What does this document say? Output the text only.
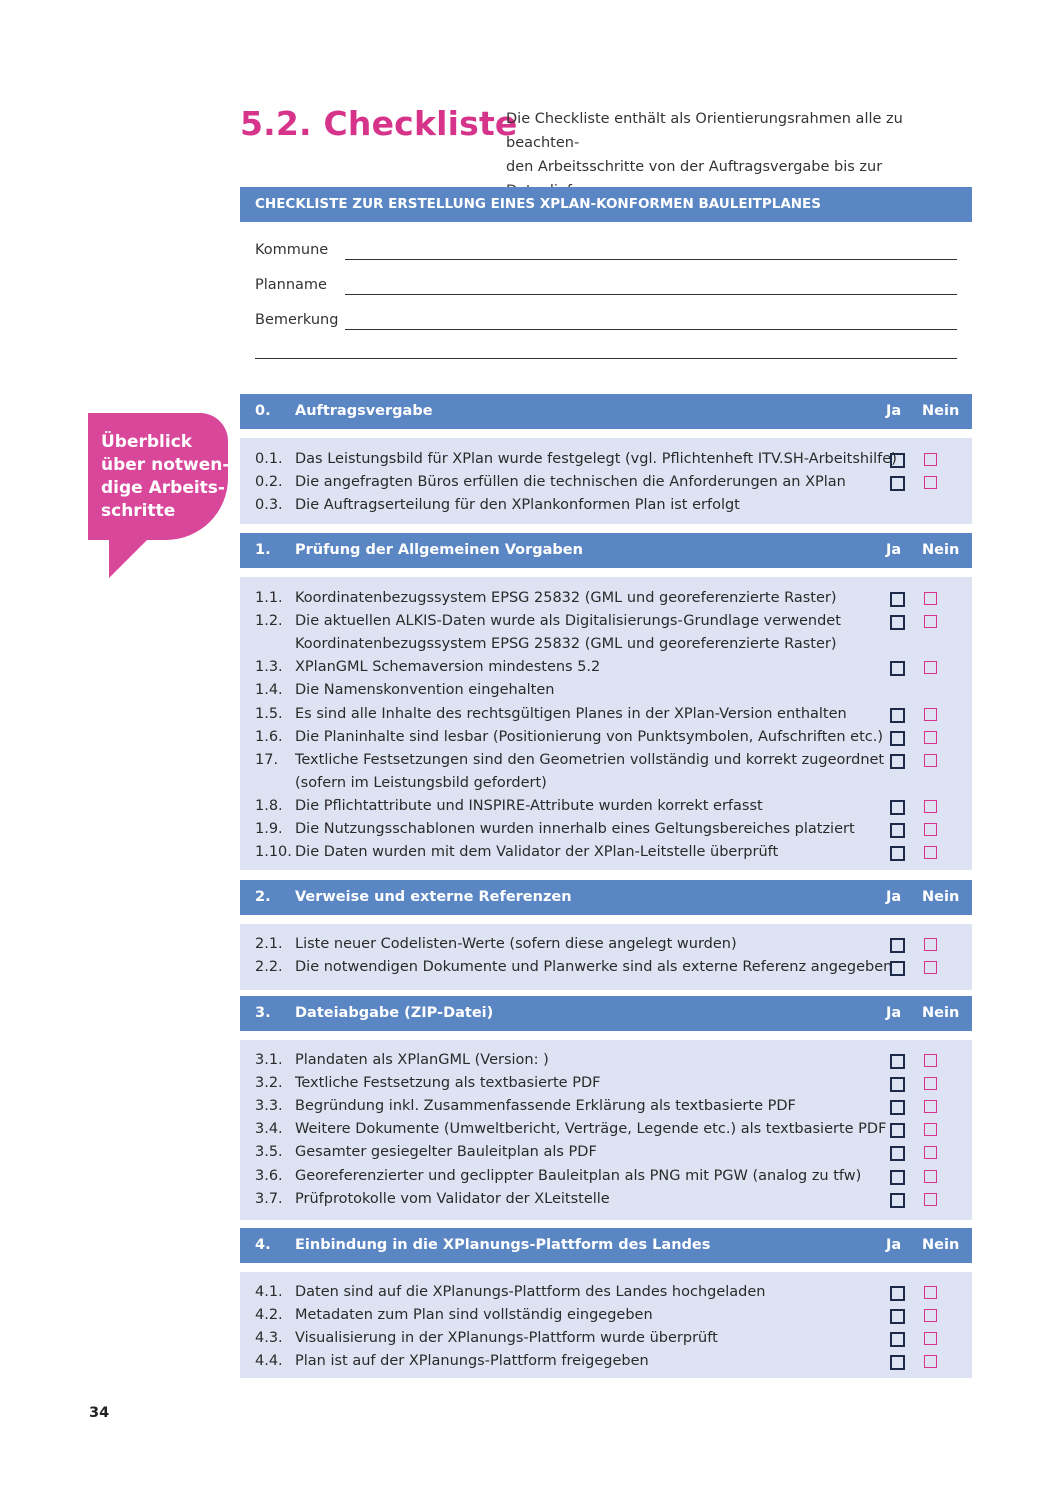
5.2. Checkliste
Die Checkliste enthält als Orientierungsrahmen alle zu beachten-
den Arbeitsschritte von der Auftragsvergabe bis zur
Überblick
über notwen-
dige Arbeits-
schritte
CHECKLISTE ZUR ERSTELLUNG EINES XPLAN-KONFORMEN BAULEITPLANES
Kommune
Planname
Bemerkung
0. Auftragsvergabe	Ja Nein
0.1. Das Leistungsbild für XPlan wurde festgelegt (vgl. Pflichtenheft ITV.SH-Arbeitshilfe)
0.2. Die angefragten Büros erfüllen die technischen die Anforderungen an XPlan
0.3. Die Auftragserteilung für den XPlankonformen Plan ist erfolgt
1. Prüfung der Allgemeinen Vorgaben	Ja Nein
1.1. Koordinatenbezugssystem EPSG 25832 (GML und georeferenzierte Raster)
1.2. Die aktuellen ALKIS-Daten wurde als Digitalisierungs-Grundlage verwendet
Koordinatenbezugssystem EPSG 25832 (GML und georeferenzierte Raster)
1.3. XPlanGML Schemaversion mindestens 5.2
1.4. Die Namenskonvention eingehalten
1.5. Es sind alle Inhalte des rechtsgültigen Planes in der XPlan-Version enthalten
1.6. Die Planinhalte sind lesbar (Positionierung von Punktsymbolen, Aufschriften etc.)
17. Textliche Festsetzungen sind den Geometrien vollständig und korrekt zugeordnet
(sofern im Leistungsbild gefordert)
1.8. Die Pflichtattribute und INSPIRE-Attribute wurden korrekt erfasst
1.9. Die Nutzungsschablonen wurden innerhalb eines Geltungsbereiches platziert
1.10. Die Daten wurden mit dem Validator der XPlan-Leitstelle überprüft
2. Verweise und externe Referenzen	Ja Nein
2.1. Liste neuer Codelisten-Werte (sofern diese angelegt wurden)
2.2. Die notwendigen Dokumente und Planwerke sind als externe Referenz angegeben
3. Dateiabgabe (ZIP-Datei)	Ja Nein
3.1. Plandaten als XPlanGML (Version: )
3.2. Textliche Festsetzung als textbasierte PDF
3.3. Begründung inkl. Zusammenfassende Erklärung als textbasierte PDF
3.4. Weitere Dokumente (Umweltbericht, Verträge, Legende etc.) als textbasierte PDF
3.5. Gesamter gesiegelter Bauleitplan als PDF
3.6. Georeferenzierter und geclippter Bauleitplan als PNG mit PGW (analog zu tfw)
3.7. Prüfprotokolle vom Validator der XLeitstelle
4. Einbindung in die XPlanungs-Plattform des Landes	Ja Nein
4.1. Daten sind auf die XPlanungs-Plattform des Landes hochgeladen
4.2. Metadaten zum Plan sind vollständig eingegeben
4.3. Visualisierung in der XPlanungs-Plattform wurde überprüft
4.4. Plan ist auf der XPlanungs-Plattform freigegeben
34
